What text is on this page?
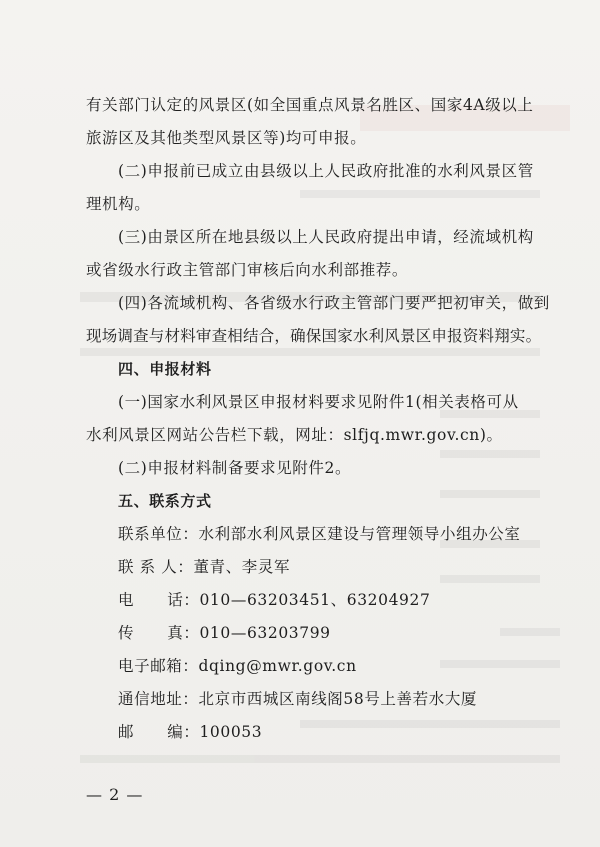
有关部门认定的风景区(如全国重点风景名胜区、国家4A级以上
旅游区及其他类型风景区等)均可申报。
(二)申报前已成立由县级以上人民政府批准的水利风景区管
理机构。
(三)由景区所在地县级以上人民政府提出申请，经流域机构
或省级水行政主管部门审核后向水利部推荐。
(四)各流域机构、各省级水行政主管部门要严把初审关，做到
现场调查与材料审查相结合，确保国家水利风景区申报资料翔实。
四、申报材料
(一)国家水利风景区申报材料要求见附件1(相关表格可从
水利风景区网站公告栏下载，网址：slfjq.mwr.gov.cn)。
(二)申报材料制备要求见附件2。
五、联系方式
联系单位：水利部水利风景区建设与管理领导小组办公室
联 系 人：董青、李灵军
电      话：010—63203451、63204927
传      真：010—63203799
电子邮箱：dqing@mwr.gov.cn
通信地址：北京市西城区南线阁58号上善若水大厦
邮      编：100053
— 2 —
